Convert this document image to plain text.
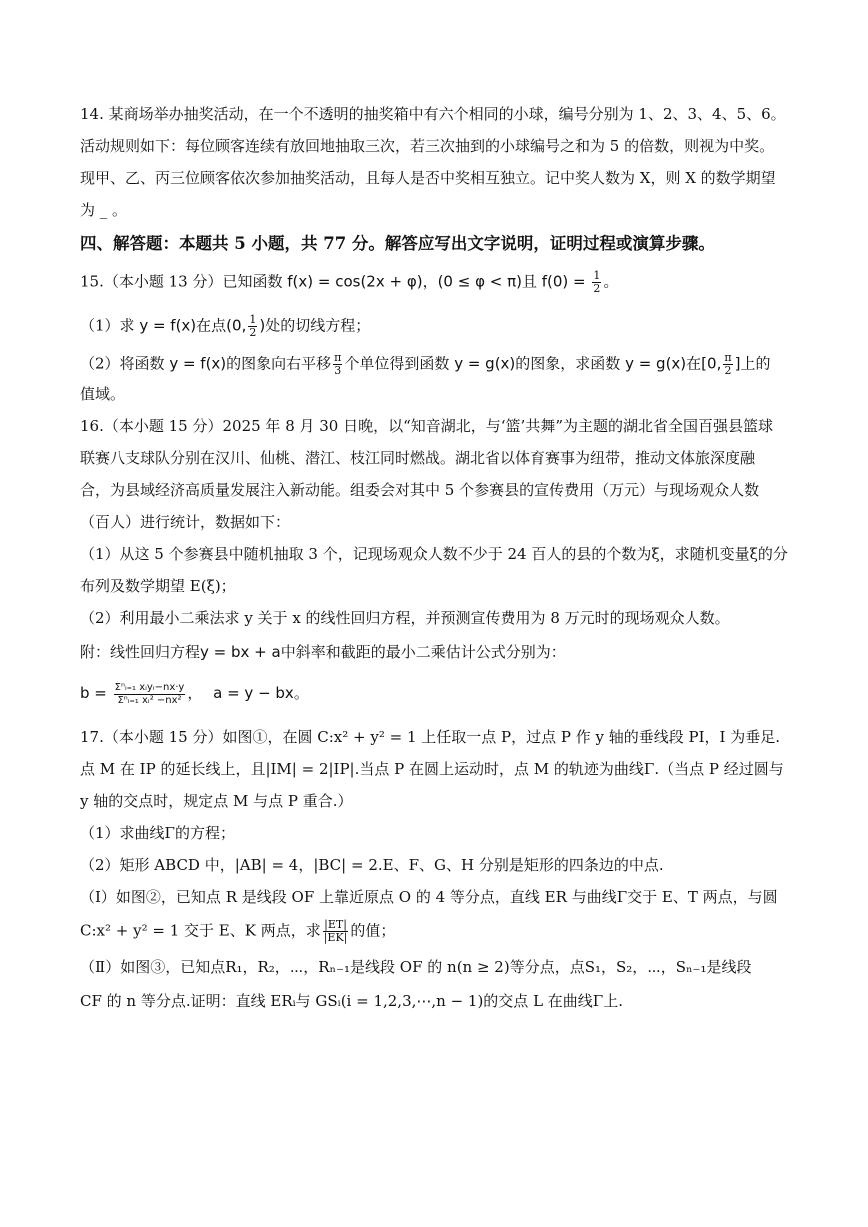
14. 某商场举办抽奖活动，在一个不透明的抽奖箱中有六个相同的小球，编号分别为 1、2、3、4、5、6。
活动规则如下：每位顾客连续有放回地抽取三次，若三次抽到的小球编号之和为 5 的倍数，则视为中奖。
现甲、乙、丙三位顾客依次参加抽奖活动，且每人是否中奖相互独立。记中奖人数为 X，则 X 的数学期望
为 _ 。
四、解答题：本题共 5 小题，共 77 分。解答应写出文字说明，证明过程或演算步骤。
15.（本小题 13 分）已知函数 f(x) = cos(2x + φ)，(0 ≤ φ < π)且 $f(0) = \frac{1}{2}$ 。
（1）求 y = f(x)在点(0, $\frac{1}{2}$ )处的切线方程；
（2）将函数 y = f(x)的图象向右平移 $\frac{\pi}{3}$ 个单位得到函数 y = g(x)的图象，求函数 y = g(x)在[0, $\frac{\pi}{2}$ ]上的
值域。
16.（本小题 15 分）2025 年 8 月 30 日晚，以“知音湖北，与‘篮’共舞”为主题的湖北省全国百强县篮球
联赛八支球队分别在汉川、仙桃、潜江、枝江同时燃战。湖北省以体育赛事为纽带，推动文体旅深度融
合，为县域经济高质量发展注入新动能。组委会对其中 5 个参赛县的宣传费用（万元）与现场观众人数
（百人）进行统计，数据如下：
（1）从这 5 个参赛县中随机抽取 3 个，记现场观众人数不少于 24 百人的县的个数为ξ，求随机变量ξ的分
布列及数学期望 E(ξ)；
（2）利用最小二乘法求 y 关于 x 的线性回归方程，并预测宣传费用为 8 万元时的现场观众人数。
附：线性回归方程y = bx + a中斜率和截距的最小二乘估计公式分别为：
$b = \frac{\text{Σⁿᵢ₌₁ xᵢyᵢ−nx·y}}{\text{Σⁿᵢ₌₁ xᵢ² −nx²}}$ ， a = y − bx。
17.（本小题 15 分）如图①，在圆 C:x² + y² = 1 上任取一点 P，过点 P 作 y 轴的垂线段 PI，I 为垂足.
点 M 在 IP 的延长线上，且|IM| = 2|IP|.当点 P 在圆上运动时，点 M 的轨迹为曲线Γ.（当点 P 经过圆与
y 轴的交点时，规定点 M 与点 P 重合.）
（1）求曲线Γ的方程；
（2）矩形 ABCD 中，|AB| = 4，|BC| = 2.E、F、G、H 分别是矩形的四条边的中点.
（Ⅰ）如图②，已知点 R 是线段 OF 上靠近原点 O 的 4 等分点，直线 ER 与曲线Γ交于 E、T 两点，与圆
C:x² + y² = 1 交于 E、K 两点，求 $\frac{|ET|}{|EK|}$ 的值；
（Ⅱ）如图③，已知点R₁，R₂，⋯，Rₙ₋₁是线段 OF 的 n(n ≥ 2)等分点，点S₁，S₂，⋯，Sₙ₋₁是线段
CF 的 n 等分点.证明：直线 ERᵢ与 GSᵢ(i = 1,2,3,⋯,n − 1)的交点 L 在曲线Γ上.
